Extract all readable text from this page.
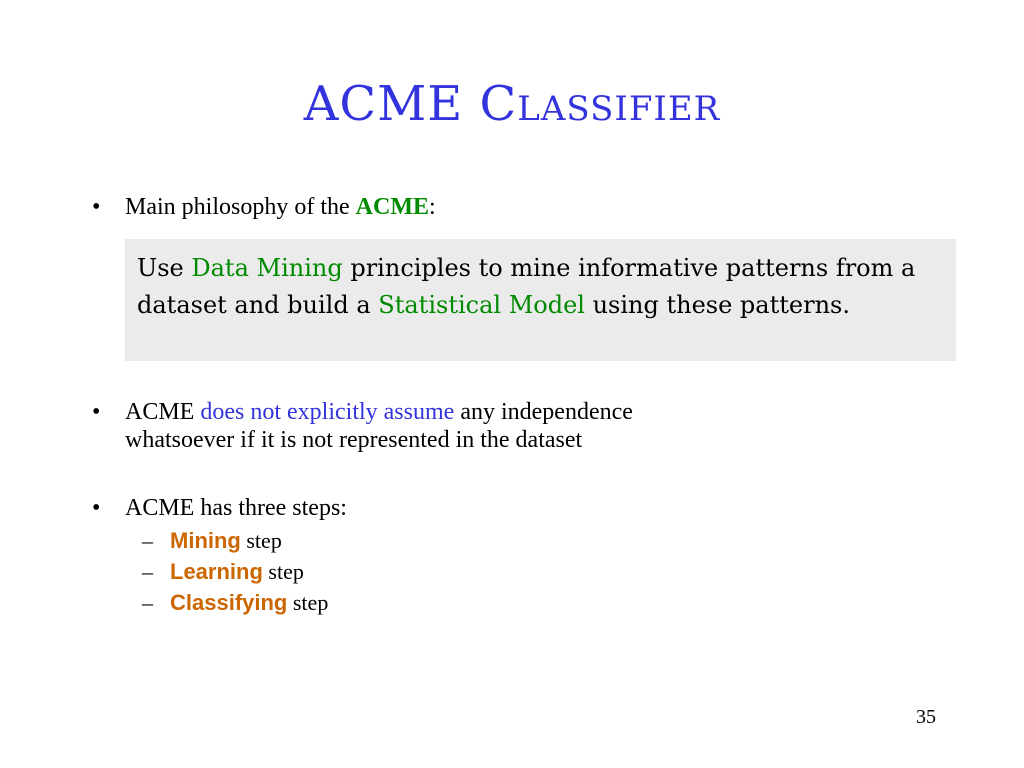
ACME Classifier
•	Main philosophy of the ACME:
Use Data Mining principles to mine informative patterns from a dataset and build a Statistical Model using these patterns.
•	ACME does not explicitly assume any independence
whatsoever if it is not represented in the dataset
•	ACME has three steps:
– Mining step
– Learning step
– Classifying step
35
